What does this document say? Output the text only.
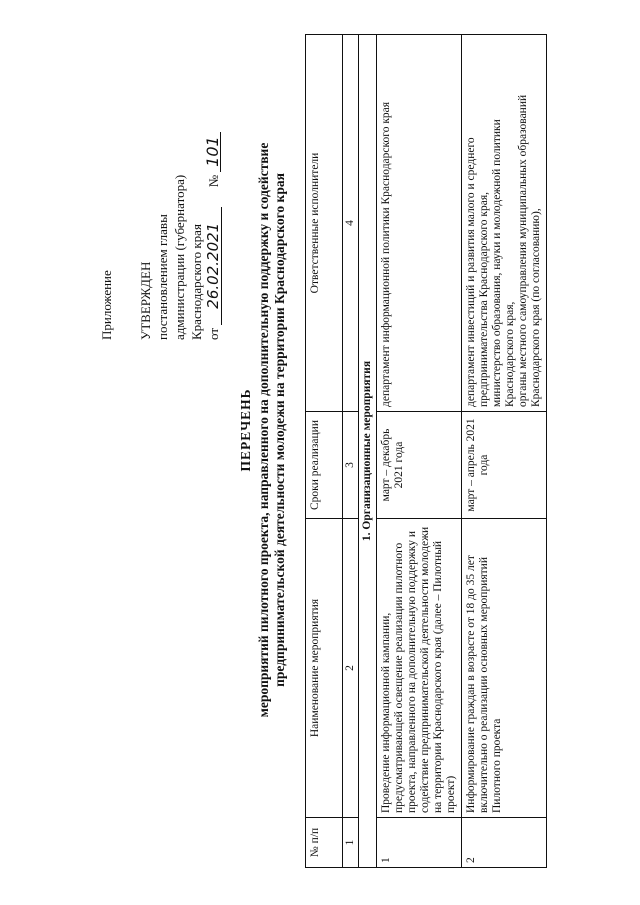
Приложение УТВЕРЖДЕН постановлением главы администрации (губернатора) Краснодарского края от 26.02.2021      № 101
ПЕРЕЧЕНЬ мероприятий пилотного проекта, направленного на дополнительную поддержку и содействие предпринимательской деятельности молодежи на территории Краснодарского края
№ п/п	Наименование мероприятия	Сроки реализации	Ответственные исполнители
1	2	3	4
1. Организационные мероприятия			
1	Проведение информационной кампании, предусматривающей освещение реализации пилотного проекта, направленного на дополнительную поддержку и содействие предпринимательской деятельности молодежи на территории Краснодарского края (далее – Пилотный проект)	март – декабрь 2021 года	департамент информационной политики Краснодарского края

2	Информирование граждан в возрасте от 18 до 35 лет включительно о реализации основных мероприятий Пилотного проекта	март – апрель 2021 года	департамент инвестиций и развития малого и среднего предпринимательства Краснодарского края, министерство образования, науки и молодежной политики Краснодарского края, органы местного самоуправления муниципальных образований Краснодарского края (по согласованию),
